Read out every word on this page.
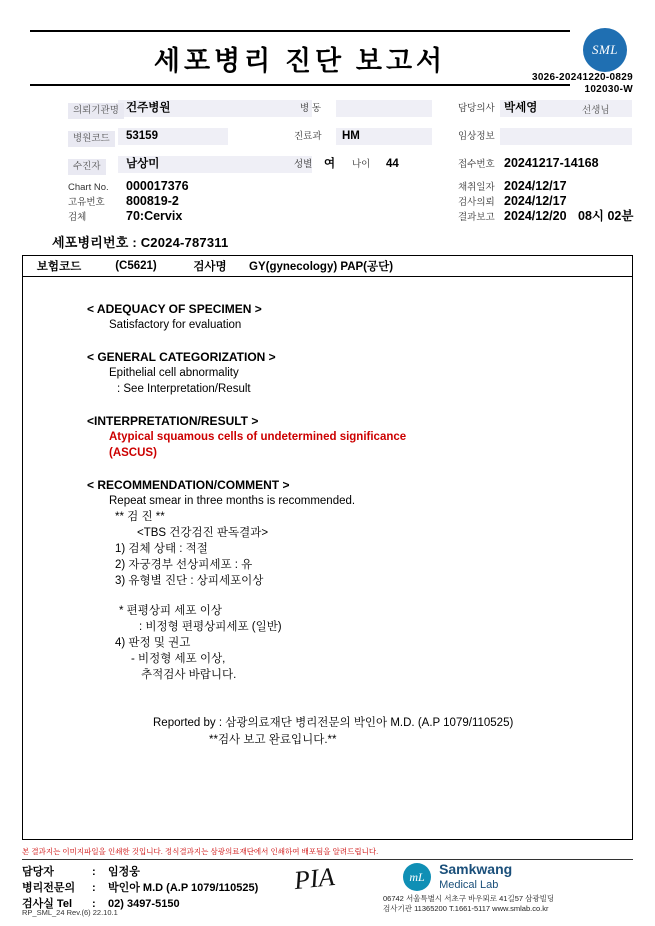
세포병리 진단 보고서	SML
3026-20241220-0829
102030-W
의뢰기관명 건주병원	병 동	담당의사 박세영	선생님
병원코드	53159	진료과 HM	임상정보
수진자	남상미	성별 여 나이 44	접수번호 20241217-14168
Chart No. 000017376	채취일자 2024/12/17
고유번호 800819-2	검사의뢰 2024/12/17
검체	70:Cervix	결과보고 2024/12/20 08시 02분
세포병리번호 : C2024-787311
보험코드	(C5621)	검사명	GY(gynecology) PAP(공단)
< ADEQUACY OF SPECIMEN >
Satisfactory for evaluation
< GENERAL CATEGORIZATION >
Epithelial cell abnormality
: See Interpretation/Result
<INTERPRETATION/RESULT >
Atypical squamous cells of undetermined significance
(ASCUS)
< RECOMMENDATION/COMMENT >
Repeat smear in three months is recommended.
** 검 진 **
<TBS 건강검진 판독결과>
1) 검체 상태 : 적절
2) 자궁경부 선상피세포 : 유
3) 유형별 진단 : 상피세포이상
* 편평상피 세포 이상
: 비정형 편평상피세포 (일반)
4) 판정 및 권고
- 비정형 세포 이상,
추적검사 바랍니다.
Reported by : 삼광의료재단 병리전문의 박인아 M.D. (A.P 1079/110525)
**검사 보고 완료입니다.**
본 결과지는 이미지파일을 인쇄한 것입니다. 정식결과지는 삼광의료재단에서 인쇄하여 배포됨을 알려드립니다.
담당자	:	임정웅
병리전문의	:	박인아 M.D (A.P 1079/110525)
검사실 Tel	:	02) 3497-5150
PIA	mL Samkwang
Medical Lab
06742 서울특별시 서초구 바우뫼로 41길57 삼광빌딩
검사기관 11365200 T.1661-5117 www.smlab.co.kr
RP_SML_24 Rev.(6) 22.10.1
